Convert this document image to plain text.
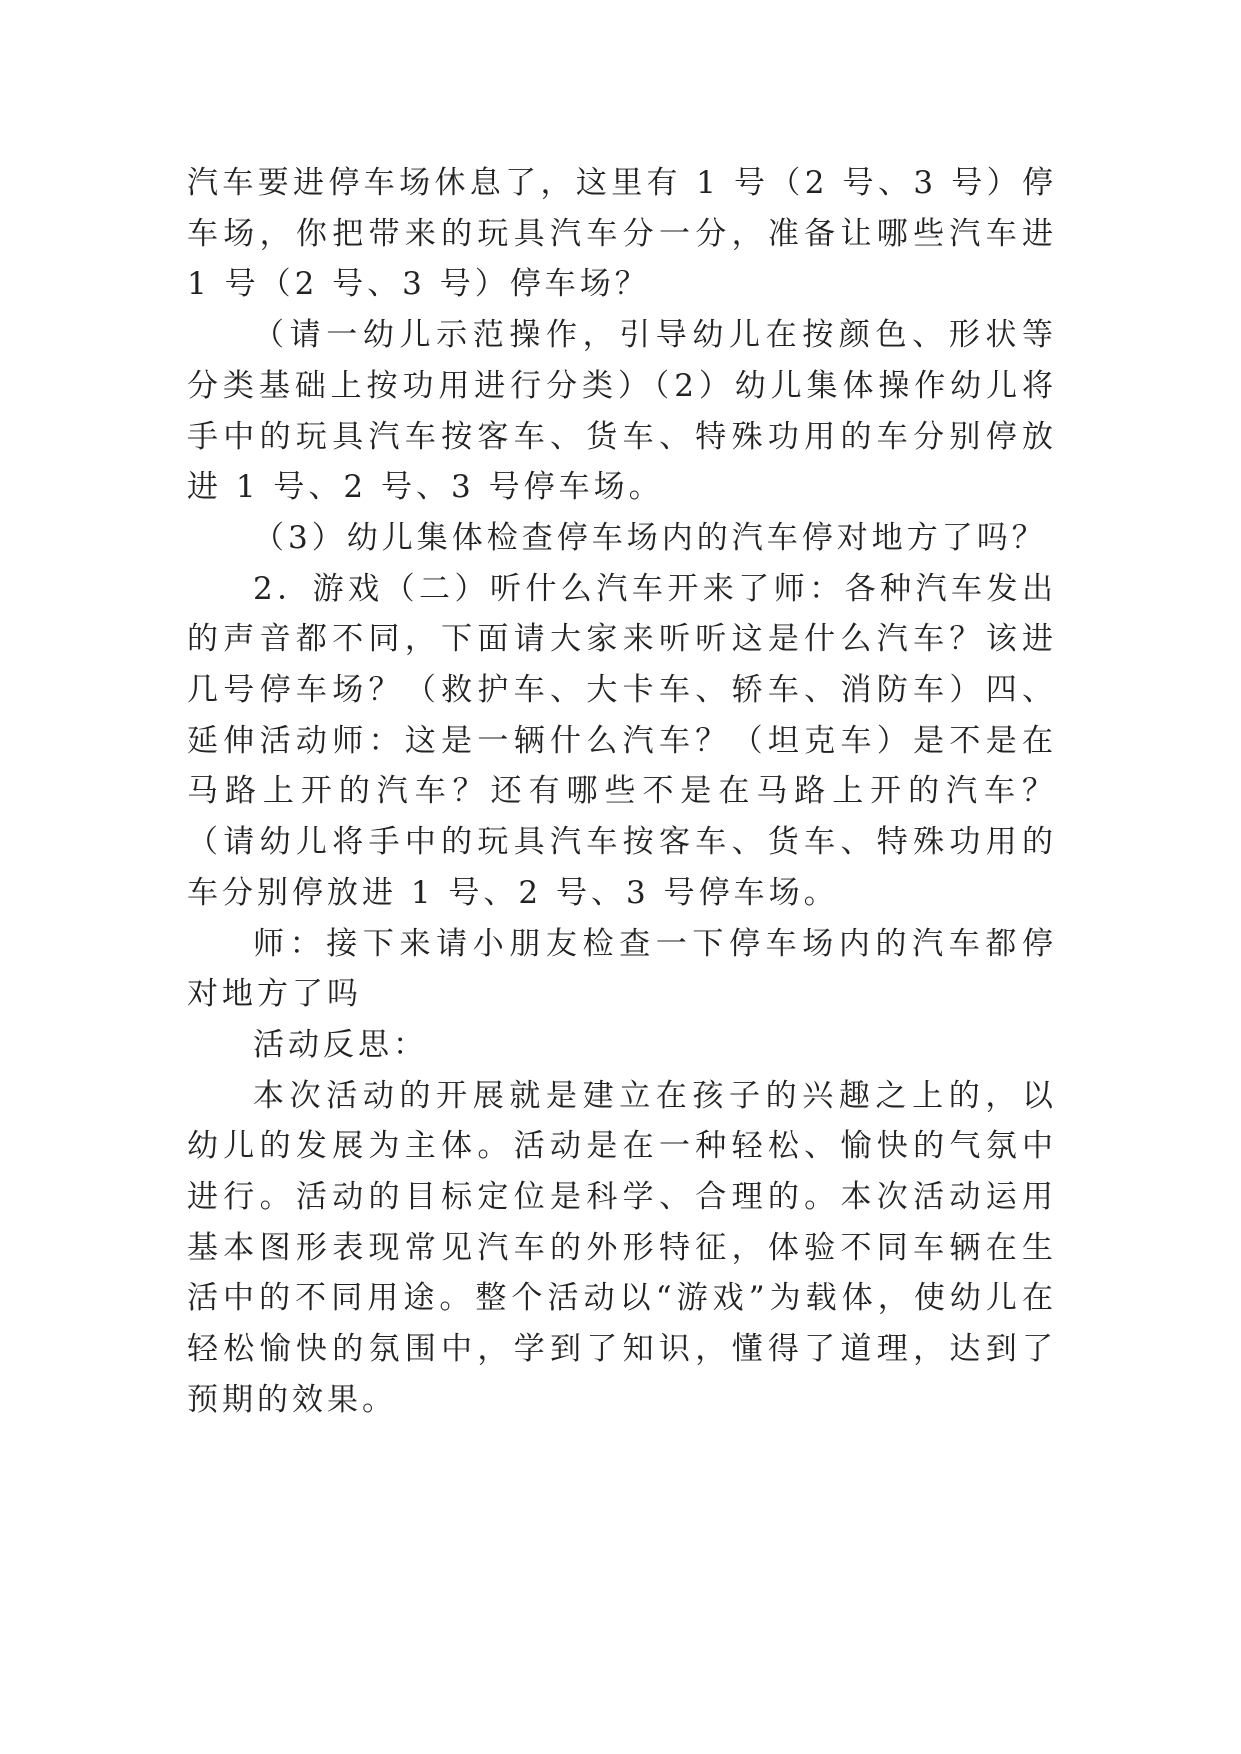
汽车要进停车场休息了，这里有 1 号（2 号、3 号）停车场，你把带来的玩具汽车分一分，准备让哪些汽车进 1 号（2 号、3 号）停车场？

（请一幼儿示范操作，引导幼儿在按颜色、形状等分类基础上按功用进行分类）（2）幼儿集体操作幼儿将手中的玩具汽车按客车、货车、特殊功用的车分别停放进 1 号、2 号、3 号停车场。

（3）幼儿集体检查停车场内的汽车停对地方了吗？

2．游戏（二）听什么汽车开来了师：各种汽车发出的声音都不同，下面请大家来听听这是什么汽车？该进几号停车场？（救护车、大卡车、轿车、消防车）四、延伸活动师：这是一辆什么汽车？（坦克车）是不是在马路上开的汽车？还有哪些不是在马路上开的汽车？（请幼儿将手中的玩具汽车按客车、货车、特殊功用的车分别停放进 1 号、2 号、3 号停车场。

师：接下来请小朋友检查一下停车场内的汽车都停对地方了吗

活动反思：

本次活动的开展就是建立在孩子的兴趣之上的，以幼儿的发展为主体。活动是在一种轻松、愉快的气氛中进行。活动的目标定位是科学、合理的。本次活动运用基本图形表现常见汽车的外形特征，体验不同车辆在生活中的不同用途。整个活动以“游戏”为载体，使幼儿在轻松愉快的氛围中，学到了知识，懂得了道理，达到了预期的效果。
